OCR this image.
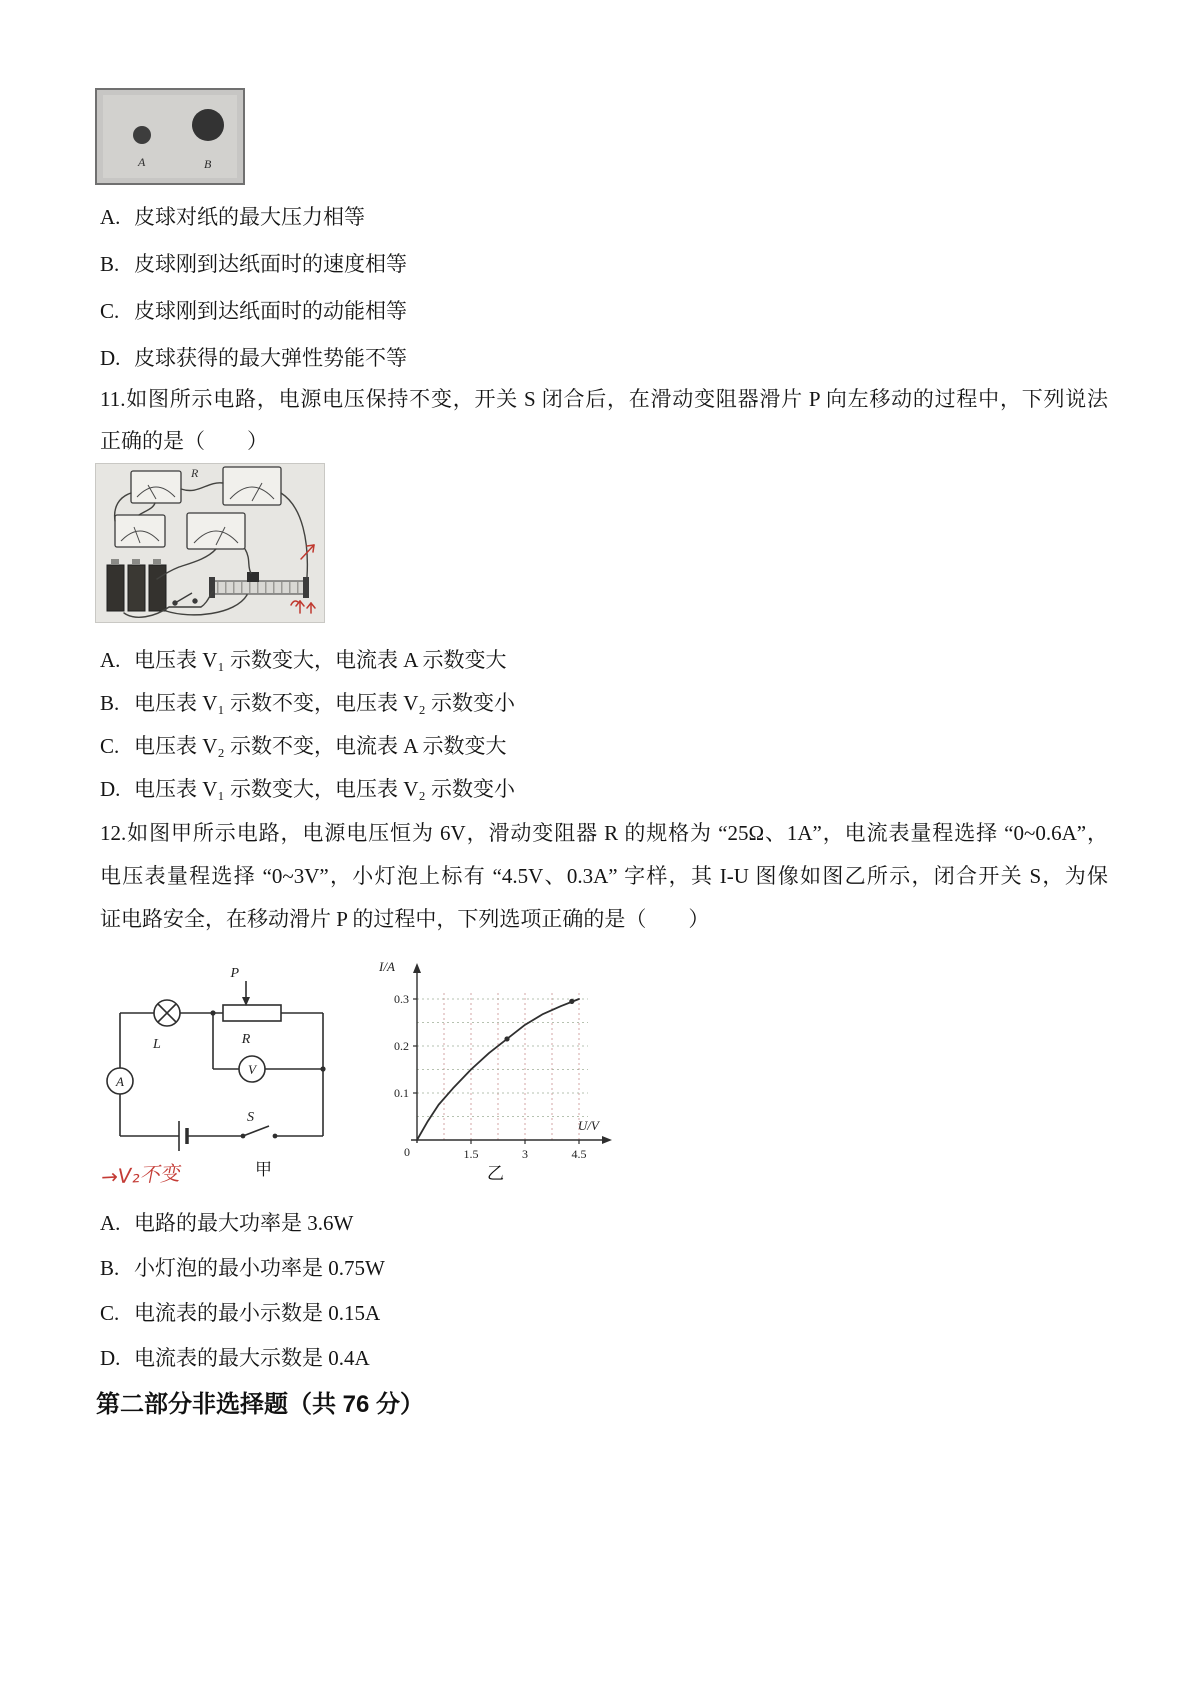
A	B
A. 皮球对纸的最大压力相等
B. 皮球刚到达纸面时的速度相等
C. 皮球刚到达纸面时的动能相等
D. 皮球获得的最大弹性势能不等
11.如图所示电路，电源电压保持不变，开关 S 闭合后，在滑动变阻器滑片 P 向左移动的过程中，下列说法
正确的是（　　）
R
A. 电压表 V₁ 示数变大，电流表 A 示数变大
B. 电压表 V₁ 示数不变，电压表 V₂ 示数变小
C. 电压表 V₂ 示数不变，电流表 A 示数变大
D. 电压表 V₁ 示数变大，电压表 V₂ 示数变小
12.如图甲所示电路，电源电压恒为 6V，滑动变阻器 R 的规格为 “25Ω、1A”，电流表量程选择 “0~0.6A”，
电压表量程选择 “0~3V”，小灯泡上标有 “4.5V、0.3A” 字样，其 I-U 图像如图乙所示，闭合开关 S，为保
证电路安全，在移动滑片 P 的过程中，下列选项正确的是（　　）
L	R
P
V
A
S
甲
1.5	3	4.5
0.1
0.2
0.3
0
I/A
U/V
乙
→V₂不变
A. 电路的最大功率是 3.6W
B. 小灯泡的最小功率是 0.75W
C. 电流表的最小示数是 0.15A
D. 电流表的最大示数是 0.4A
第二部分非选择题（共 76 分）
